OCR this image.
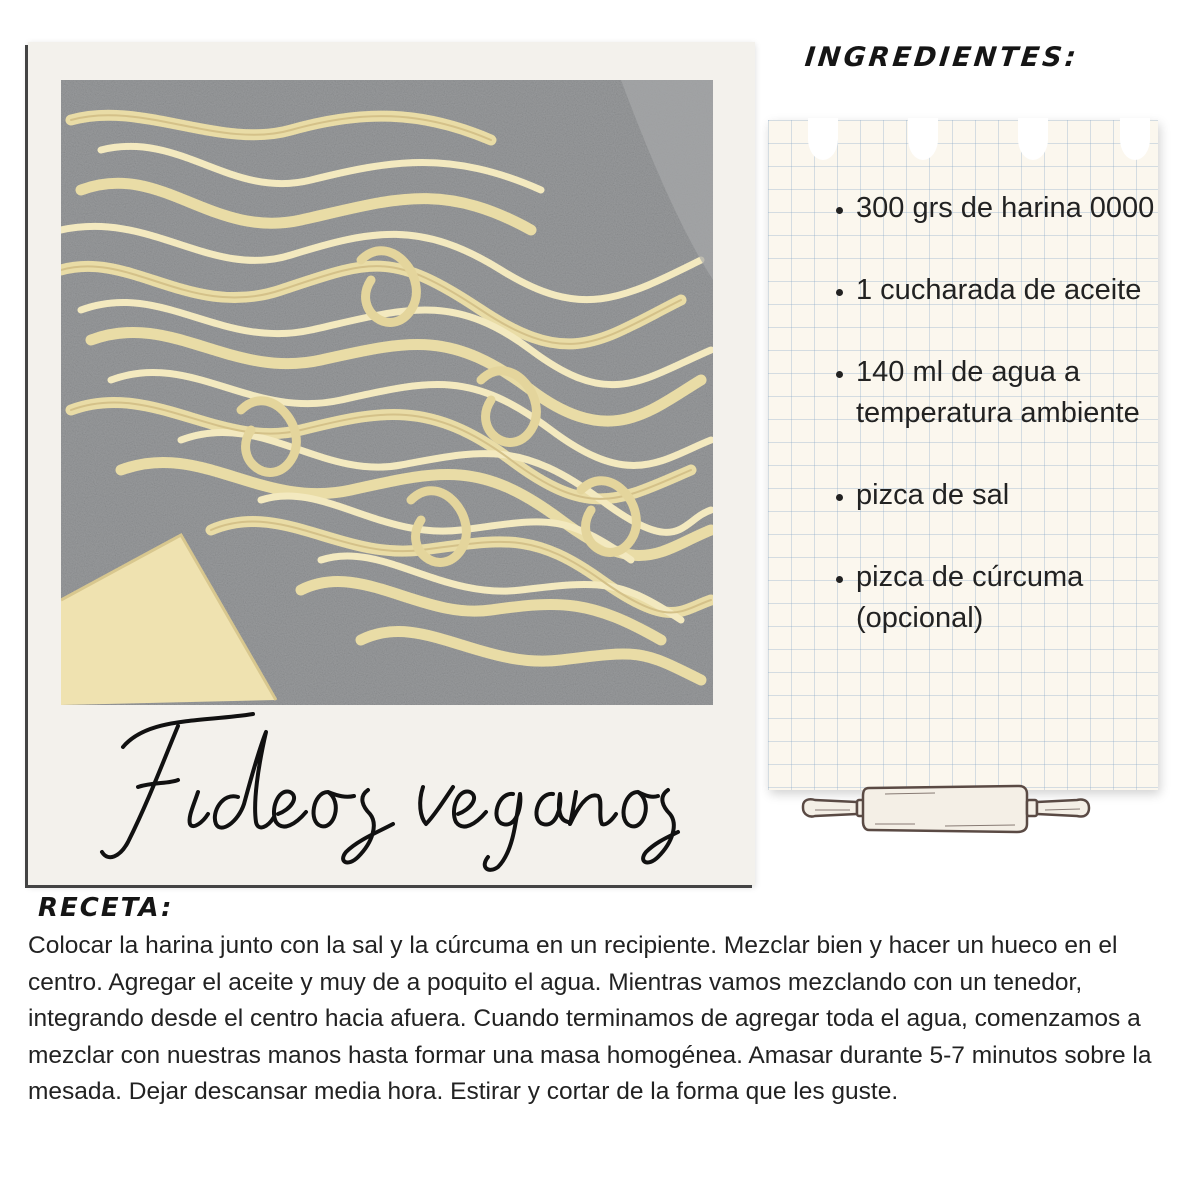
INGREDIENTES:
• 300 grs de harina 0000
• 1 cucharada de aceite
• 140 ml de agua a temperatura ambiente
• pizca de sal
• pizca de cúrcuma (opcional)
RECETA:

Colocar la harina junto con la sal y la cúrcuma en un recipiente. Mezclar bien y hacer un hueco en el centro. Agregar el aceite y muy de a poquito el agua. Mientras vamos mezclando con un tenedor, integrando desde el centro hacia afuera. Cuando terminamos de agregar toda el agua, comenzamos a mezclar con nuestras manos hasta formar una masa homogénea. Amasar durante 5-7 minutos sobre la mesada. Dejar descansar media hora. Estirar y cortar de la forma que les guste.
